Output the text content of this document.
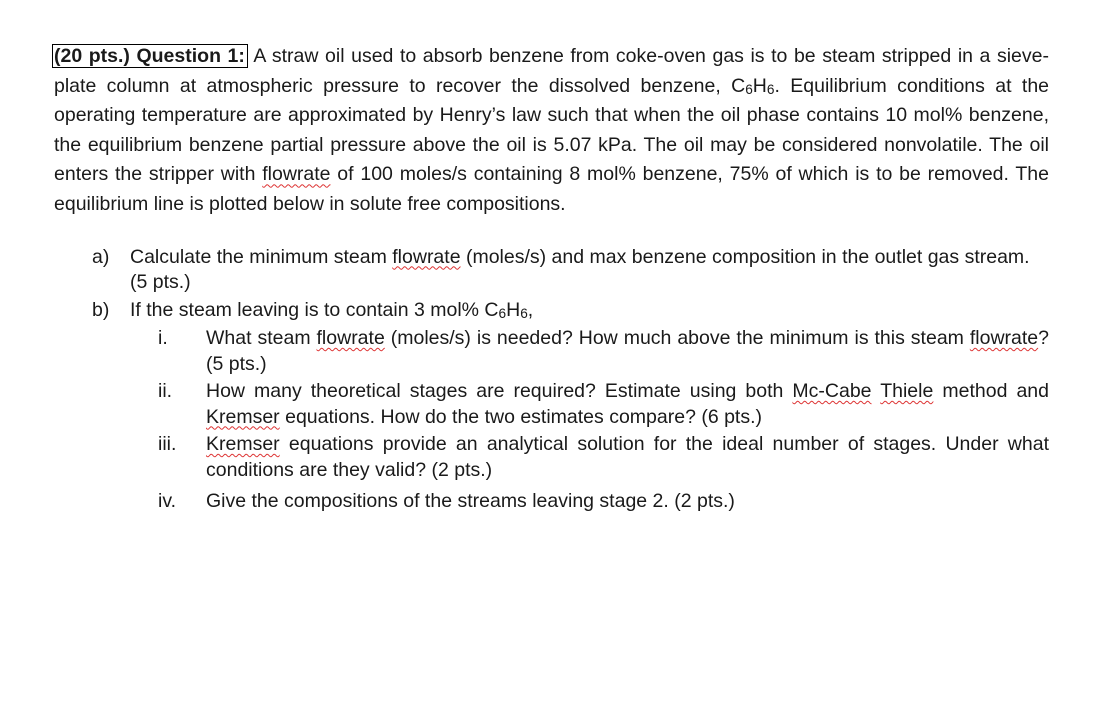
(20 pts.) Question 1: A straw oil used to absorb benzene from coke-oven gas is to be steam stripped in a sieve-plate column at atmospheric pressure to recover the dissolved benzene, $C_6H_6$. Equilibrium conditions at the operating temperature are approximated by Henry’s law such that when the oil phase contains 10 mol% benzene, the equilibrium benzene partial pressure above the oil is 5.07 kPa. The oil may be considered nonvolatile. The oil enters the stripper with flowrate of 100 moles/s containing 8 mol% benzene, 75% of which is to be removed. The equilibrium line is plotted below in solute free compositions.

a) Calculate the minimum steam flowrate (moles/s) and max benzene composition in the outlet gas stream. (5 pts.)

b) If the steam leaving is to contain 3 mol% $C_6H_6$,

i. What steam flowrate (moles/s) is needed? How much above the minimum is this steam flowrate? (5 pts.)

ii. How many theoretical stages are required? Estimate using both Mc-Cabe Thiele method and Kremser equations. How do the two estimates compare? (6 pts.)

iii. Kremser equations provide an analytical solution for the ideal number of stages. Under what conditions are they valid? (2 pts.)

iv. Give the compositions of the streams leaving stage 2. (2 pts.)
